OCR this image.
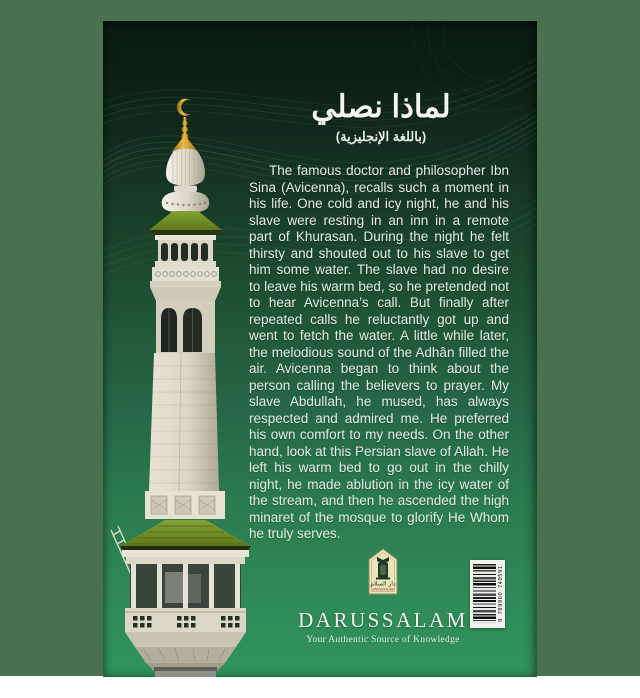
لماذا نصلي
(باللغة الإنجليزية)

The famous doctor and philosopher Ibn Sina (Avicenna), recalls such a moment in his life. One cold and icy night, he and his slave were resting in an inn in a remote part of Khurasan. During the night he felt thirsty and shouted out to his slave to get him some water. The slave had no desire to leave his warm bed, so he pretended not to hear Avicenna’s call. But finally after repeated calls he reluctantly got up and went to fetch the water. A little while later, the melodious sound of the Adhân filled the air. Avicenna began to think about the person calling the believers to prayer. My slave Abdullah, he mused, has always respected and admired me. He preferred his own comfort to my needs. On the other hand, look at this Persian slave of Allah. He left his warm bed to go out in the chilly night, he made ablution in the icy water of the stream, and then he ascended the high minaret of the mosque to glorify He Whom he truly serves.

دار السلام
DARUSSALAM
DARUSSALAM
Your Authentic Source of Knowledge
9 789960 740591
